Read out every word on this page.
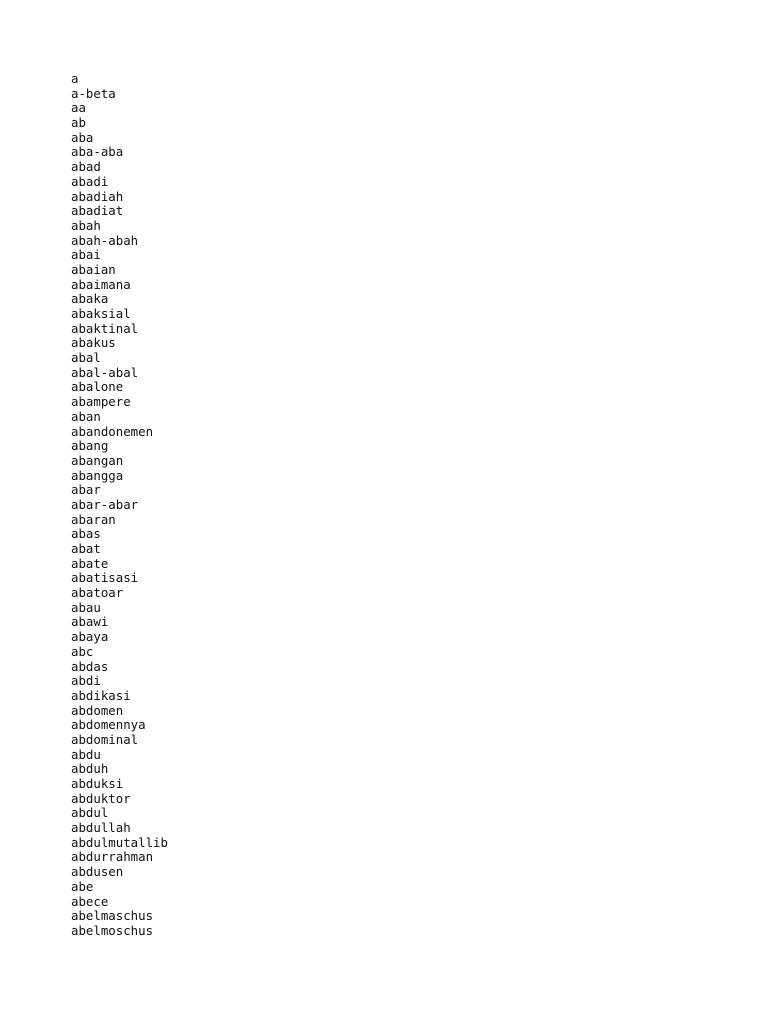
a
a-beta
aa
ab
aba
aba-aba
abad
abadi
abadiah
abadiat
abah
abah-abah
abai
abaian
abaimana
abaka
abaksial
abaktinal
abakus
abal
abal-abal
abalone
abampere
aban
abandonemen
abang
abangan
abangga
abar
abar-abar
abaran
abas
abat
abate
abatisasi
abatoar
abau
abawi
abaya
abc
abdas
abdi
abdikasi
abdomen
abdomennya
abdominal
abdu
abduh
abduksi
abduktor
abdul
abdullah
abdulmutallib
abdurrahman
abdusen
abe
abece
abelmaschus
abelmoschus
